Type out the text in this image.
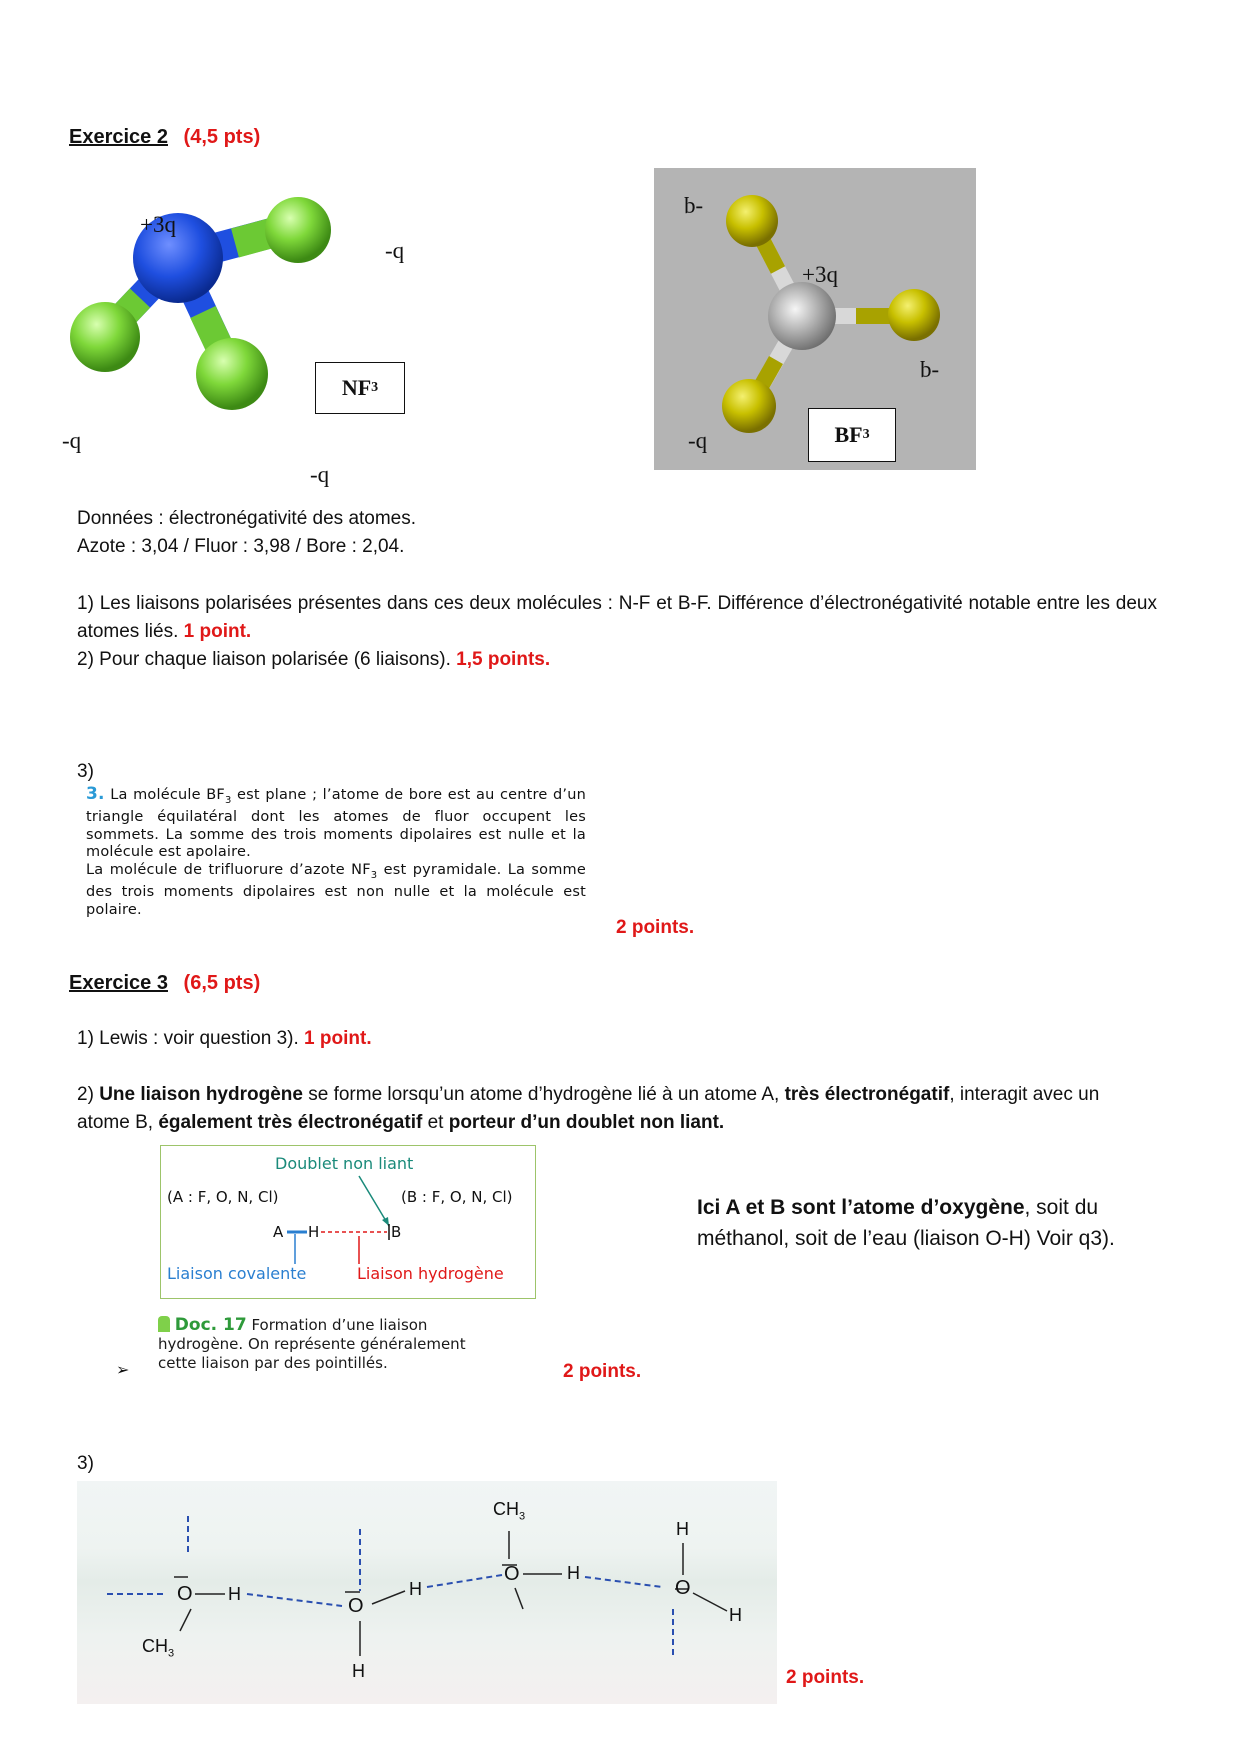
Exercice 2 (4,5 pts)
+3q
-q
-q
-q
NF 3
-q
+3q
-q
-q	BF 3
Données : électronégativité des atomes.
Azote : 3,04 / Fluor : 3,98 / Bore : 2,04.
1) Les liaisons polarisées présentes dans ces deux molécules : N-F et B-F. Différence d’électronégativité notable entre les deux atomes liés. 1 point.
2) Pour chaque liaison polarisée (6 liaisons). 1,5 points.
3)
3. La molécule $BF_3$ est plane ; l’atome de bore est au centre d’un triangle équilatéral dont les atomes de fluor occupent les sommets. La somme des trois moments dipolaires est nulle et la molécule est apolaire.
La molécule de trifluorure d’azote $NF_3$ est pyramidale. La somme des trois moments dipolaires est non nulle et la molécule est polaire.
2 points.
Exercice 3 (6,5 pts)
1) Lewis : voir question 3). 1 point.
2) Une liaison hydrogène se forme lorsqu’un atome d’hydrogène lié à un atome A, très électronégatif, interagit avec un atome B, également très électronégatif et porteur d’un doublet non liant.
Doublet non liant
(A : F, O, N, Cl)	(B : F, O, N, Cl)
A H	B
Liaison covalente	Liaison hydrogène
Doc. 17 Formation d’une liaison hydrogène. On représente généralement cette liaison par des pointillés.
➢	2 points.
Ici A et B sont l’atome d’oxygène, soit du méthanol, soit de l’eau (liaison O-H) Voir q3).
3)
O H
$CH_3$
O
H
H
$CH_3$
O	H
H
O
H
2 points.
